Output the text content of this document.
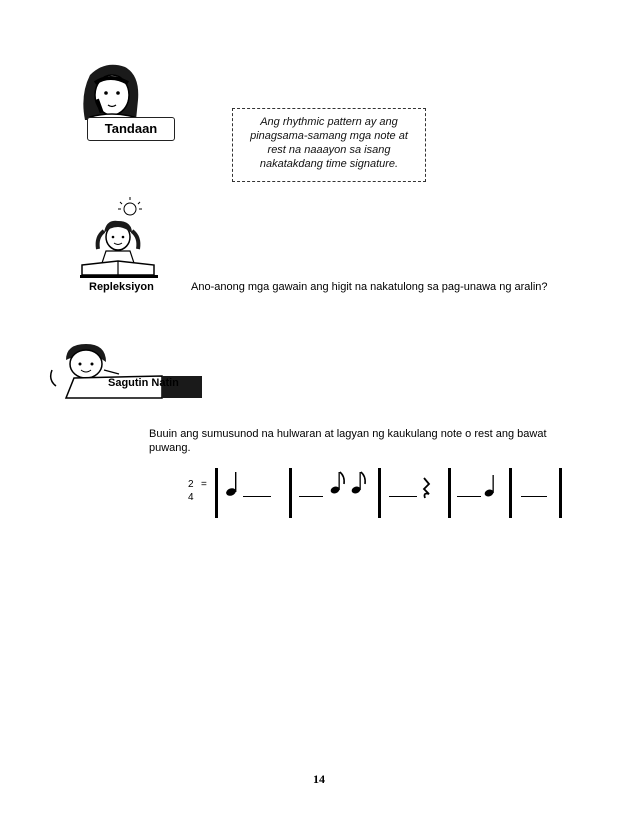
Tandaan	Ang rhythmic pattern ay ang
pinagsama-samang mga note at
rest na naaayon sa isang
nakatakdang time signature.
Repleksiyon	Ano-anong mga gawain ang higit na nakatulong sa pag-unawa ng aralin?
Sagutin Natin
Buuin ang sumusunod na hulwaran at lagyan ng kaukulang note o rest ang bawat puwang.
2 =
4
14
